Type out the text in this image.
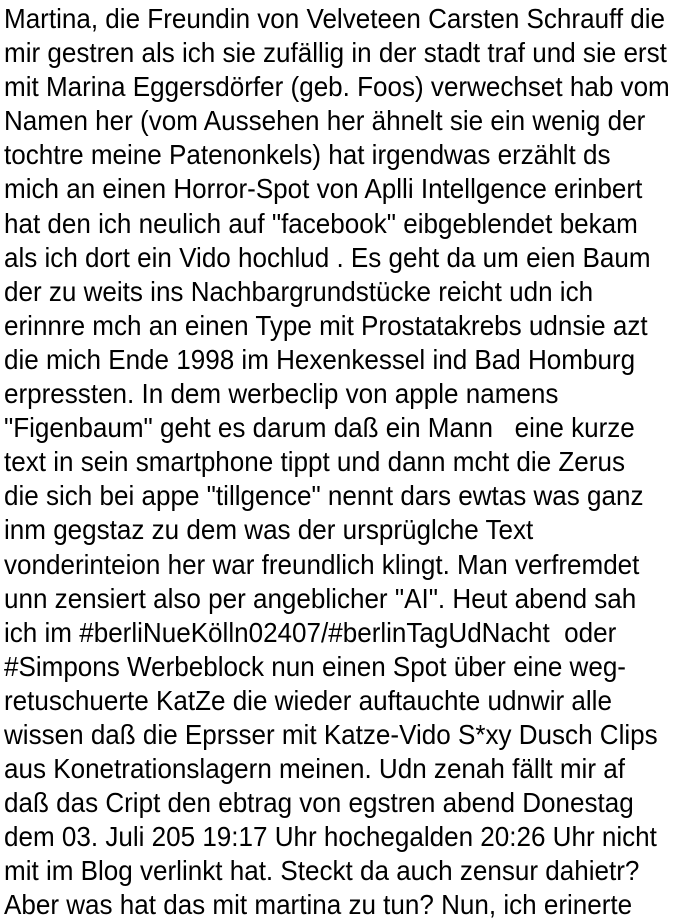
Martina, die Freundin von Velveteen Carsten Schrauff die
mir gestren als ich sie zufällig in der stadt traf und sie erst
mit Marina Eggersdörfer (geb. Foos) verwechset hab vom
Namen her (vom Aussehen her ähnelt sie ein wenig der
tochtre meine Patenonkels) hat irgendwas erzählt ds
mich an einen Horror-Spot von Aplli Intellgence erinbert
hat den ich neulich auf "facebook" eibgeblendet bekam
als ich dort ein Vido hochlud . Es geht da um eien Baum
der zu weits ins Nachbargrundstücke reicht udn ich
erinnre mch an einen Type mit Prostatakrebs udnsie azt
die mich Ende 1998 im Hexenkessel ind Bad Homburg
erpressten. In dem werbeclip von apple namens
"Figenbaum" geht es darum daß ein Mann   eine kurze
text in sein smartphone tippt und dann mcht die Zerus
die sich bei appe "tillgence" nennt dars ewtas was ganz
inm gegstaz zu dem was der ursprüglche Text
vonderinteion her war freundlich klingt. Man verfremdet
unn zensiert also per angeblicher "AI". Heut abend sah
ich im #berliNueKölln02407/#berlinTagUdNacht  oder
#Simpons Werbeblock nun einen Spot über eine weg-
retuschuerte KatZe die wieder auftauchte udnwir alle
wissen daß die Eprsser mit Katze-Vido S*xy Dusch Clips
aus Konetrationslagern meinen. Udn zenah fällt mir af
daß das Cript den ebtrag von egstren abend Donestag
dem 03. Juli 205 19:17 Uhr hochegalden 20:26 Uhr nicht
mit im Blog verlinkt hat. Steckt da auch zensur dahietr?
Aber was hat das mit martina zu tun? Nun, ich erinerte
